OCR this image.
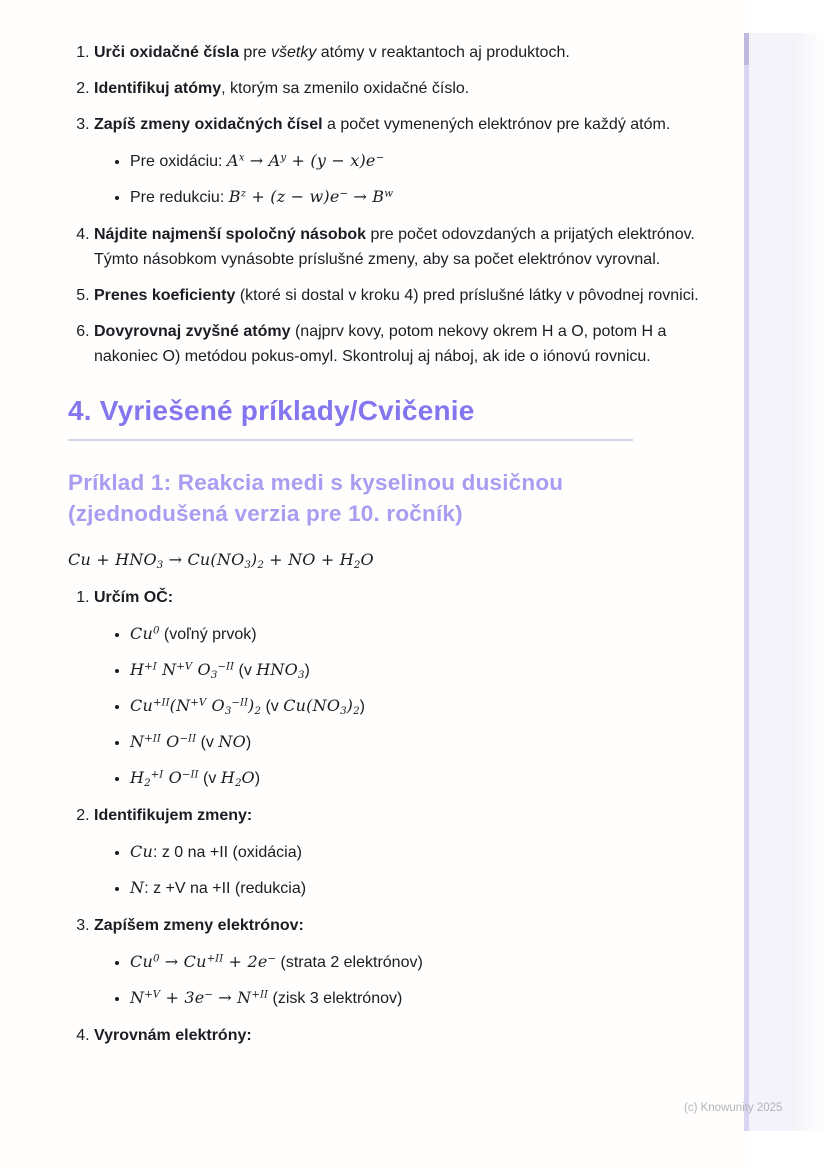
1. Urči oxidačné čísla pre všetky atómy v reaktantoch aj produktoch.
2. Identifikuj atómy, ktorým sa zmenilo oxidačné číslo.
3. Zapíš zmeny oxidačných čísel a počet vymenených elektrónov pre každý atóm.
• Pre oxidáciu: $A^x \to A^y + (y - x)e^-$
• Pre redukciu: $B^z + (z - w)e^- \to B^w$
4. Nájdite najmenší spoločný násobok pre počet odovzdaných a prijatých elektrónov. Týmto násobkom vynásobte príslušné zmeny, aby sa počet elektrónov vyrovnal.
5. Prenes koeficienty (ktoré si dostal v kroku 4) pred príslušné látky v pôvodnej rovnici.
6. Dovyrovnaj zvyšné atómy (najprv kovy, potom nekovy okrem H a O, potom H a nakoniec O) metódou pokus-omyl. Skontroluj aj náboj, ak ide o iónovú rovnicu.
4. Vyriešené príklady/Cvičenie
Príklad 1: Reakcia medi s kyselinou dusičnou (zjednodušená verzia pre 10. ročník)
$Cu + HNO_3 \to Cu(NO_3)_2$ + NO + $H_2O$
1. Určím OČ:
• Cu$^0$ (voľný prvok)
• $H^{+I}$ $N^{+V}$ $O_3^{-II}$ (v $HNO_3$)
• $Cu^{+II}(N^{+V}$ $O_3^{-II})_2$ (v $Cu(NO_3)_2$)
• $N^{+II}$ $O^{-II}$ (v NO)
• $H_2^{+I}$ $O^{-II}$ (v $H_2O$)
2. Identifikujem zmeny:
• Cu: z 0 na +II (oxidácia)
• N: z +V na +II (redukcia)
3. Zapíšem zmeny elektrónov:
• $Cu^0 \to Cu^{+II} + 2e^-$ (strata 2 elektrónov)
• $N^{+V} + 3e^- \to N^{+II}$ (zisk 3 elektrónov)
4. Vyrovnám elektróny:
(c) Knowunity 2025
